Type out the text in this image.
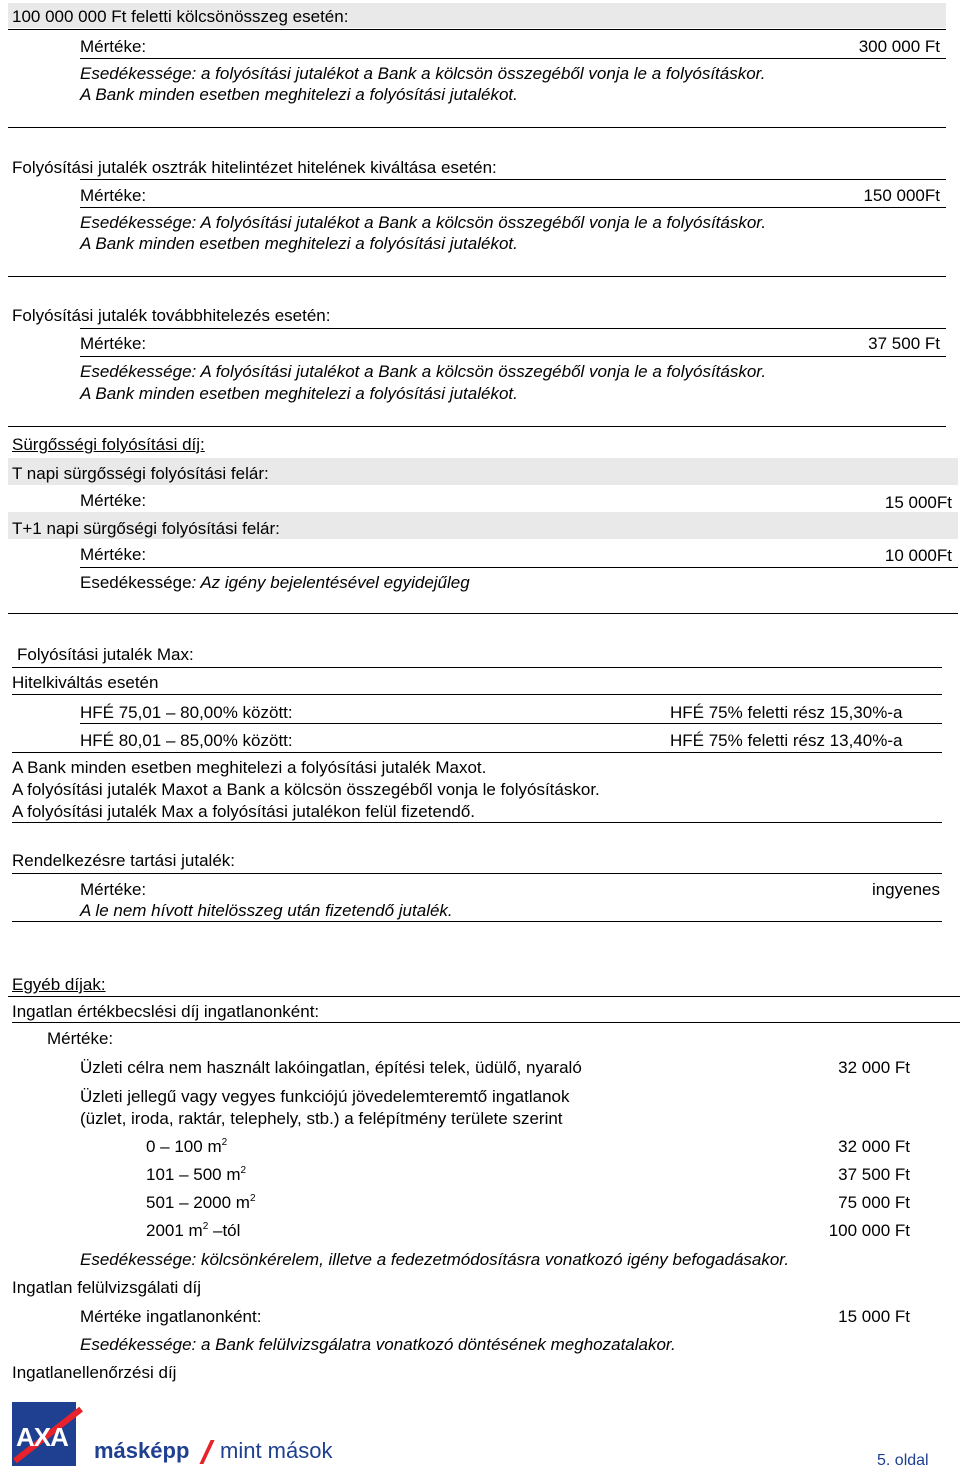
100 000 000 Ft feletti kölcsönösszeg esetén:
Mértéke:	300 000 Ft
Esedékessége: a folyósítási jutalékot a Bank a kölcsön összegéből vonja le a folyósításkor.
A Bank minden esetben meghitelezi a folyósítási jutalékot.
Folyósítási jutalék osztrák hitelintézet hitelének kiváltása esetén:
Mértéke:	150 000Ft
Esedékessége: A folyósítási jutalékot a Bank a kölcsön összegéből vonja le a folyósításkor.
A Bank minden esetben meghitelezi a folyósítási jutalékot.
Folyósítási jutalék továbbhitelezés esetén:
Mértéke:	37 500 Ft
Esedékessége: A folyósítási jutalékot a Bank a kölcsön összegéből vonja le a folyósításkor.
A Bank minden esetben meghitelezi a folyósítási jutalékot.
Sürgősségi folyósítási díj:
T napi sürgősségi folyósítási felár:
Mértéke:	15 000Ft
T+1 napi sürgőségi folyósítási felár:
Mértéke:	10 000Ft
Esedékessége: Az igény bejelentésével egyidejűleg
Folyósítási jutalék Max:
Hitelkiváltás esetén
HFÉ 75,01 – 80,00% között:	HFÉ 75% feletti rész 15,30%-a
HFÉ 80,01 – 85,00% között:	HFÉ 75% feletti rész 13,40%-a
A Bank minden esetben meghitelezi a folyósítási jutalék Maxot.
A folyósítási jutalék Maxot a Bank a kölcsön összegéből vonja le folyósításkor.
A folyósítási jutalék Max a folyósítási jutalékon felül fizetendő.
Rendelkezésre tartási jutalék:
Mértéke:	ingyenes
A le nem hívott hitelösszeg után fizetendő jutalék.
Egyéb díjak:
Ingatlan értékbecslési díj ingatlanonként:
Mértéke:
Üzleti célra nem használt lakóingatlan, építési telek, üdülő, nyaraló	32 000 Ft
Üzleti jellegű vagy vegyes funkciójú jövedelemteremtő ingatlanok
(üzlet, iroda, raktár, telephely, stb.) a felépítmény területe szerint
0 – 100 $m^2$	32 000 Ft
101 – 500 $m^2$	37 500 Ft
501 – 2000 $m^2$	75 000 Ft
2001 $m^2$ –tól	100 000 Ft
Esedékessége: kölcsönkérelem, illetve a fedezetmódosításra vonatkozó igény befogadásakor.
Ingatlan felülvizsgálati díj
Mértéke ingatlanonként:	15 000 Ft
Esedékessége: a Bank felülvizsgálatra vonatkozó döntésének meghozatalakor.
Ingatlanellenőrzési díj
AXA másképp mint mások	5. oldal
